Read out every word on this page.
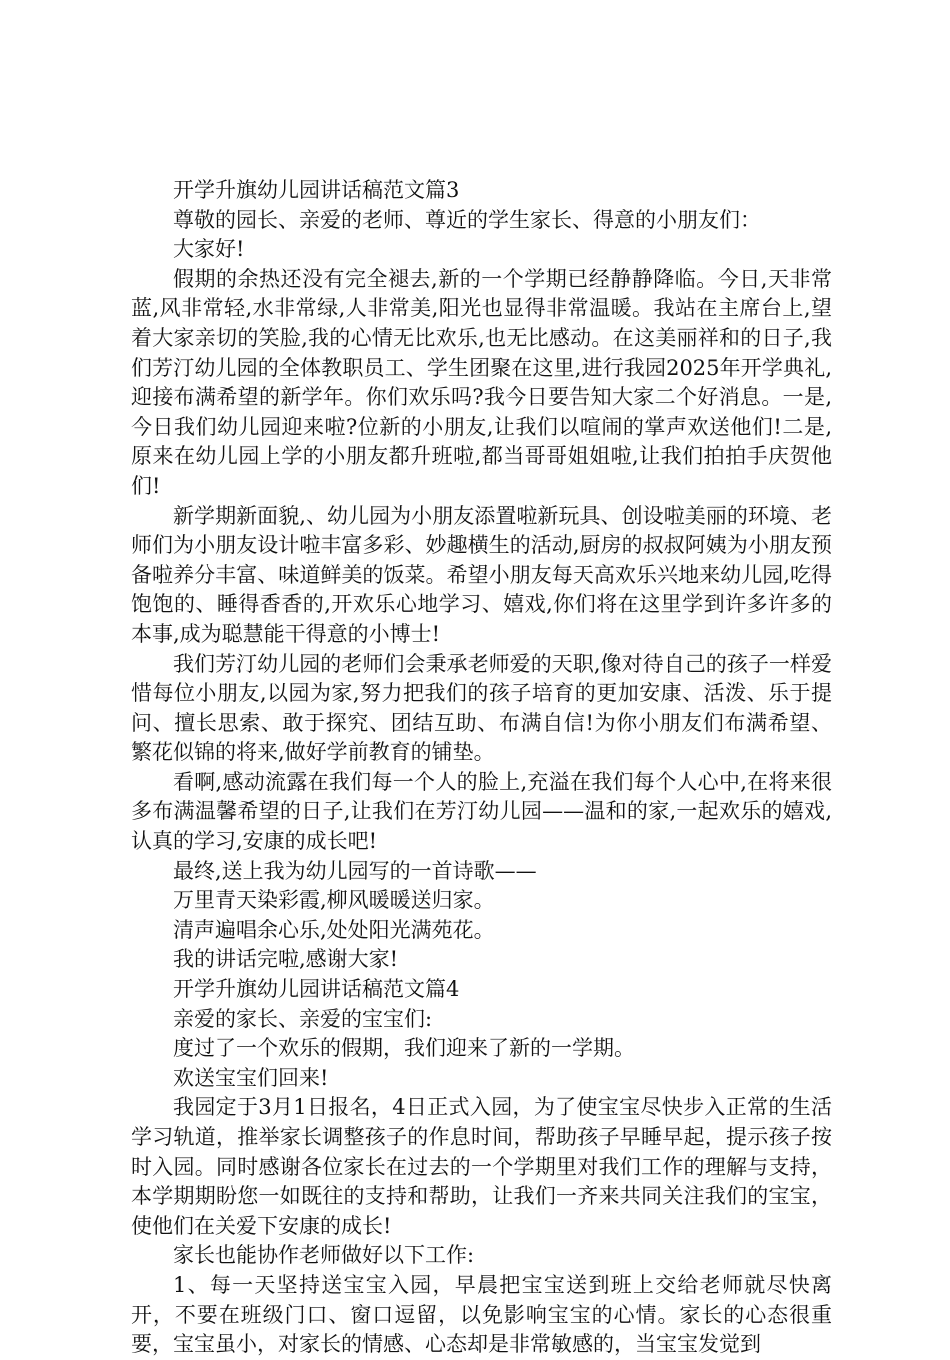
开学升旗幼儿园讲话稿范文篇3

尊敬的园长、亲爱的老师、尊近的学生家长、得意的小朋友们：

大家好!

假期的余热还没有完全褪去,新的一个学期已经静静降临。今日,天非常蓝,风非常轻,水非常绿,人非常美,阳光也显得非常温暖。我站在主席台上,望着大家亲切的笑脸,我的心情无比欢乐,也无比感动。在这美丽祥和的日子,我们芳汀幼儿园的全体教职员工、学生团聚在这里,进行我园2025年开学典礼,迎接布满希望的新学年。你们欢乐吗?我今日要告知大家二个好消息。一是,今日我们幼儿园迎来啦?位新的小朋友,让我们以喧闹的掌声欢送他们!二是,原来在幼儿园上学的小朋友都升班啦,都当哥哥姐姐啦,让我们拍拍手庆贺他们!

新学期新面貌,、幼儿园为小朋友添置啦新玩具、创设啦美丽的环境、老师们为小朋友设计啦丰富多彩、妙趣横生的活动,厨房的叔叔阿姨为小朋友预备啦养分丰富、味道鲜美的饭菜。希望小朋友每天高欢乐兴地来幼儿园,吃得饱饱的、睡得香香的,开欢乐心地学习、嬉戏,你们将在这里学到许多许多的本事,成为聪慧能干得意的小博士!

我们芳汀幼儿园的老师们会秉承老师爱的天职,像对待自己的孩子一样爱惜每位小朋友,以园为家,努力把我们的孩子培育的更加安康、活泼、乐于提问、擅长思索、敢于探究、团结互助、布满自信!为你小朋友们布满希望、繁花似锦的将来,做好学前教育的铺垫。

看啊,感动流露在我们每一个人的脸上,充溢在我们每个人心中,在将来很多布满温馨希望的日子,让我们在芳汀幼儿园——温和的家,一起欢乐的嬉戏,认真的学习,安康的成长吧!

最终,送上我为幼儿园写的一首诗歌——

万里青天染彩霞,柳风暖暖送归家。

清声遍唱余心乐,处处阳光满苑花。

我的讲话完啦,感谢大家!

开学升旗幼儿园讲话稿范文篇4

亲爱的家长、亲爱的宝宝们:

度过了一个欢乐的假期，我们迎来了新的一学期。

欢送宝宝们回来!

我园定于3月1日报名，4日正式入园，为了使宝宝尽快步入正常的生活学习轨道，推举家长调整孩子的作息时间，帮助孩子早睡早起，提示孩子按时入园。同时感谢各位家长在过去的一个学期里对我们工作的理解与支持，本学期期盼您一如既往的支持和帮助，让我们一齐来共同关注我们的宝宝，使他们在关爱下安康的成长!

家长也能协作老师做好以下工作:

1、每一天坚持送宝宝入园，早晨把宝宝送到班上交给老师就尽快离开，不要在班级门口、窗口逗留，以免影响宝宝的心情。家长的心态很重要，宝宝虽小，对家长的情感、心态却是非常敏感的，当宝宝发觉到
